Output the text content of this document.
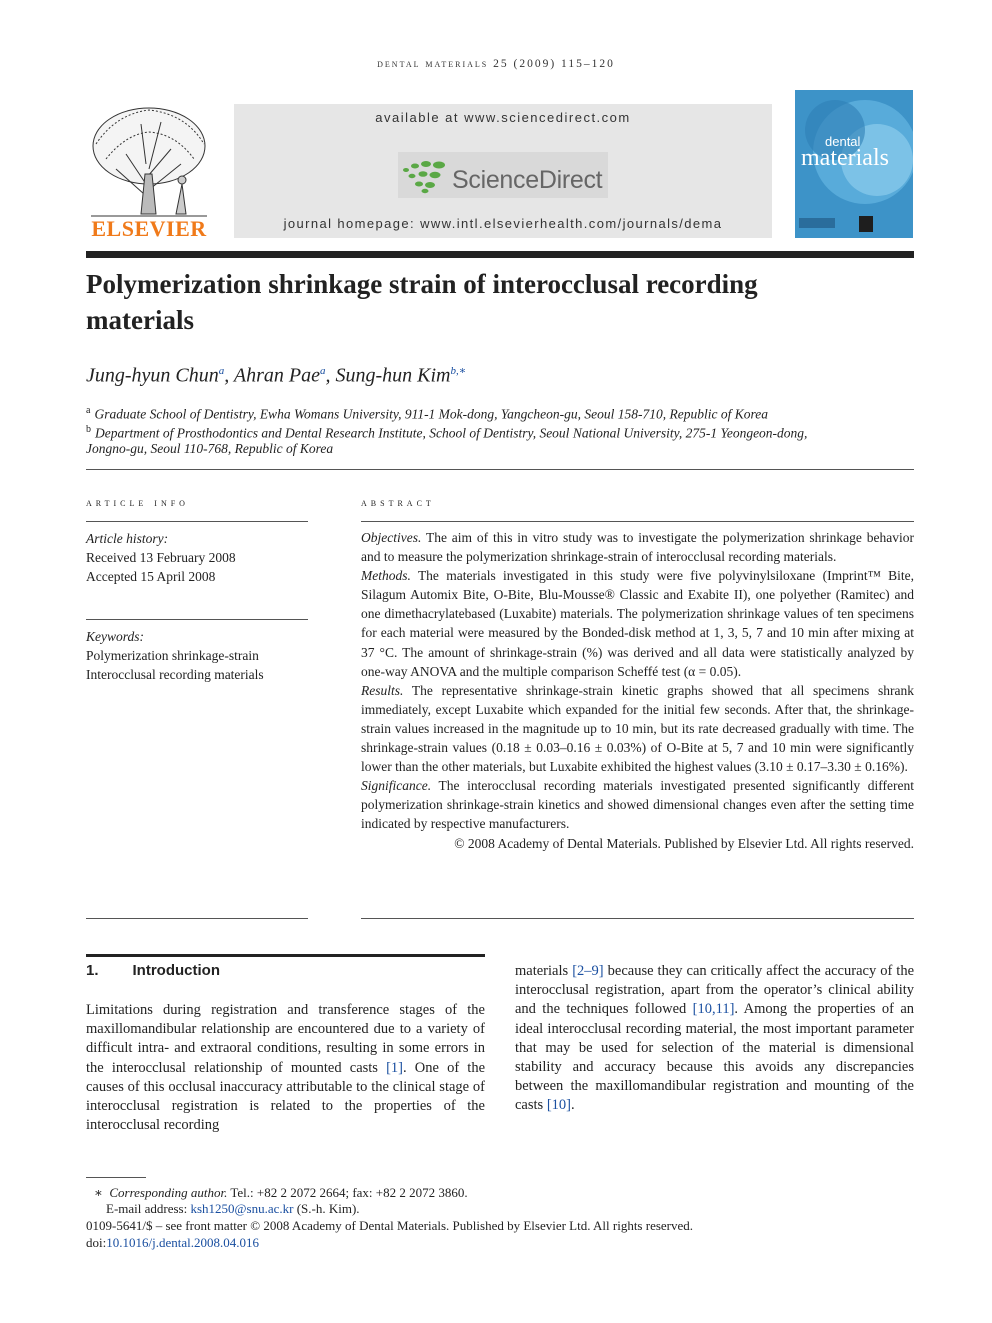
dental materials 25 (2009) 115–120
ELSEVIER
available at www.sciencedirect.com
ScienceDirect
journal homepage: www.intl.elsevierhealth.com/journals/dema
dental
materials
Polymerization shrinkage strain of interocclusal recording materials
Jung-hyun Chun$^a$, Ahran Pae$^a$, Sung-hun Kim$^{b,∗}$
$^a$ Graduate School of Dentistry, Ewha Womans University, 911-1 Mok-dong, Yangcheon-gu, Seoul 158-710, Republic of Korea
$^b$ Department of Prosthodontics and Dental Research Institute, School of Dentistry, Seoul National University, 275-1 Yeongeon-dong,
Jongno-gu, Seoul 110-768, Republic of Korea
article info
Article history:
Received 13 February 2008
Accepted 15 April 2008
Keywords:
Polymerization shrinkage-strain
Interocclusal recording materials
abstract

Objectives. The aim of this in vitro study was to investigate the polymerization shrinkage behavior and to measure the polymerization shrinkage-strain of interocclusal recording materials.

Methods. The materials investigated in this study were five polyvinylsiloxane (Imprint™ Bite, Silagum Automix Bite, O-Bite, Blu-Mousse® Classic and Exabite II), one polyether (Ramitec) and one dimethacrylatebased (Luxabite) materials. The polymerization shrinkage values of ten specimens for each material were measured by the Bonded-disk method at 1, 3, 5, 7 and 10 min after mixing at 37 °C. The amount of shrinkage-strain (%) was derived and all data were statistically analyzed by one-way ANOVA and the multiple comparison Scheffé test (α = 0.05).

Results. The representative shrinkage-strain kinetic graphs showed that all specimens shrank immediately, except Luxabite which expanded for the initial few seconds. After that, the shrinkage-strain values increased in the magnitude up to 10 min, but its rate decreased gradually with time. The shrinkage-strain values (0.18 ± 0.03–0.16 ± 0.03%) of O-Bite at 5, 7 and 10 min were significantly lower than the other materials, but Luxabite exhibited the highest values (3.10 ± 0.17–3.30 ± 0.16%).

Significance. The interocclusal recording materials investigated presented significantly different polymerization shrinkage-strain kinetics and showed dimensional changes even after the setting time indicated by respective manufacturers.

© 2008 Academy of Dental Materials. Published by Elsevier Ltd. All rights reserved.

1. Introduction

Limitations during registration and transference stages of the maxillomandibular relationship are encountered due to a variety of difficult intra- and extraoral conditions, resulting in some errors in the interocclusal relationship of mounted casts [1]. One of the causes of this occlusal inaccuracy attributable to the clinical stage of interocclusal registration is related to the properties of the interocclusal recording

materials [2–9] because they can critically affect the accuracy of the interocclusal registration, apart from the operator’s clinical ability and the techniques followed [10,11]. Among the properties of an ideal interocclusal recording material, the most important parameter that may be used for selection of the material is dimensional stability and accuracy because this avoids any discrepancies between the maxillomandibular registration and mounting of the casts [10].

∗ Corresponding author. Tel.: +82 2 2072 2664; fax: +82 2 2072 3860.
E-mail address: ksh1250@snu.ac.kr (S.-h. Kim).
0109-5641/$ – see front matter © 2008 Academy of Dental Materials. Published by Elsevier Ltd. All rights reserved.
doi:10.1016/j.dental.2008.04.016
